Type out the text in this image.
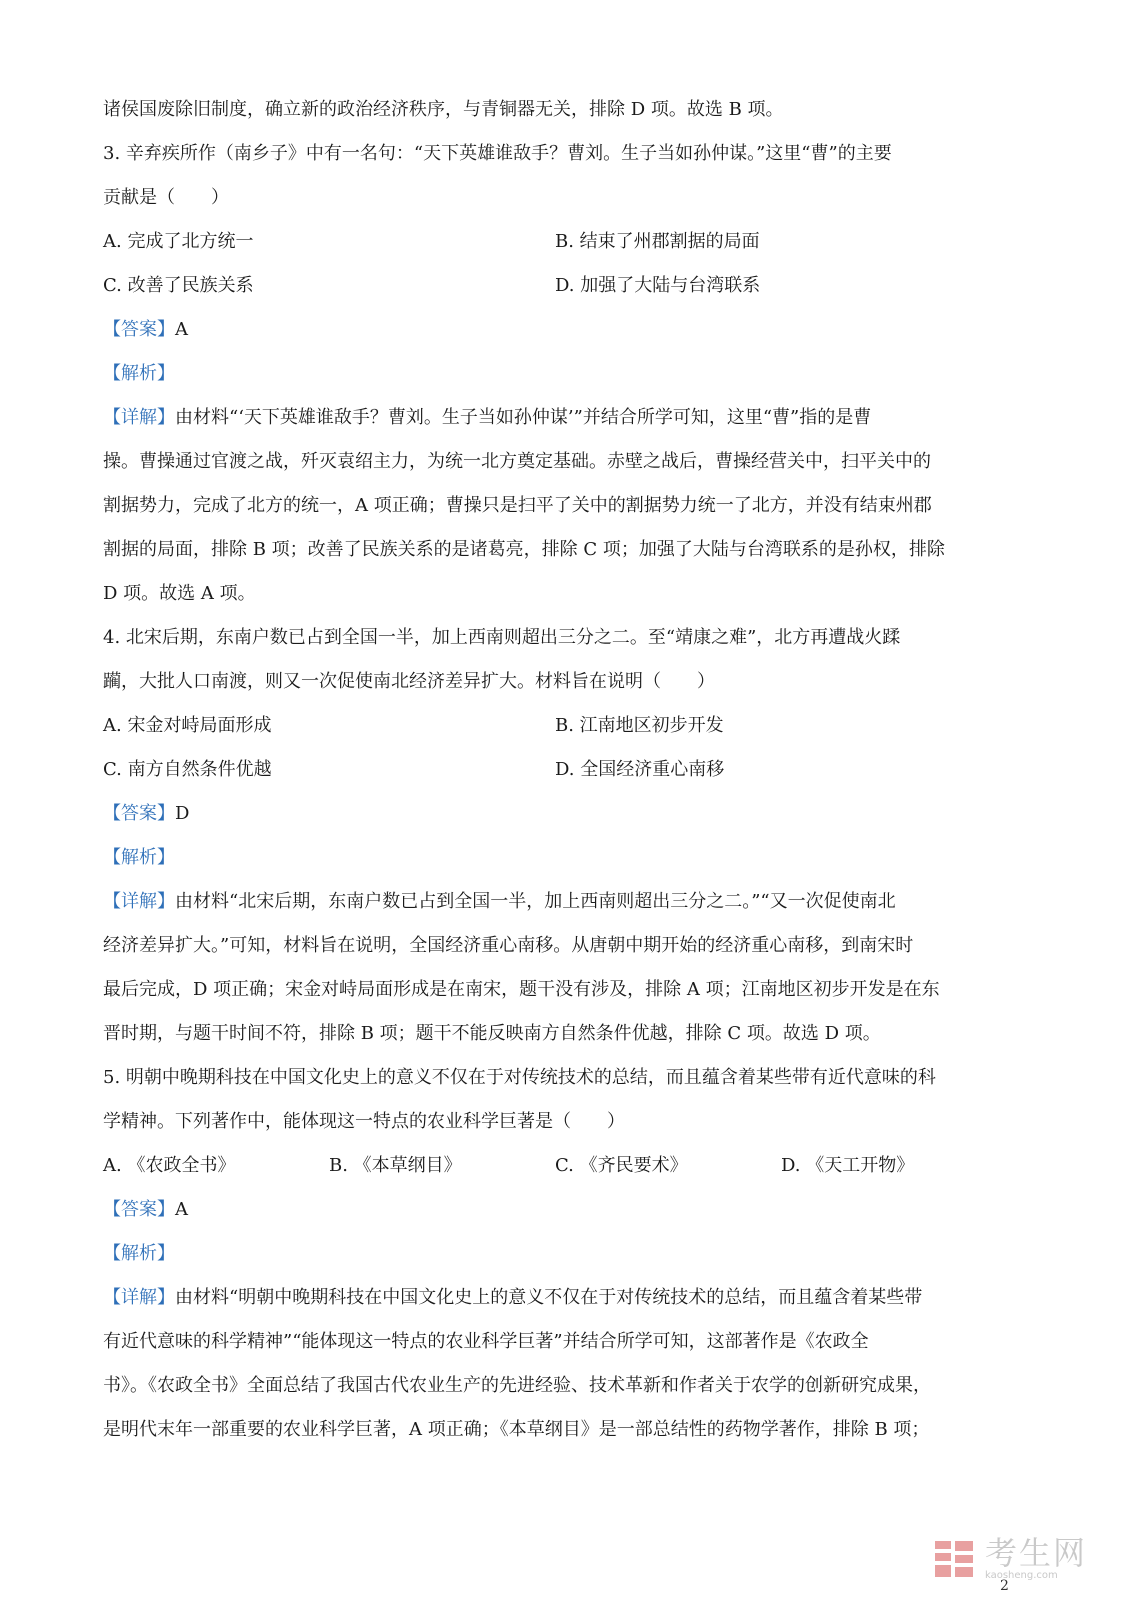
诸侯国废除旧制度，确立新的政治经济秩序，与青铜器无关，排除 D 项。故选 B 项。
3. 辛弃疾所作（南乡子》中有一名句：“天下英雄谁敌手？曹刘。生子当如孙仲谋。”这里“曹”的主要
贡献是（　　）
A. 完成了北方统一	B. 结束了州郡割据的局面
C. 改善了民族关系	D. 加强了大陆与台湾联系
【答案】A
【解析】
【详解】由材料“‘天下英雄谁敌手？曹刘。生子当如孙仲谋’”并结合所学可知，这里“曹”指的是曹
操。曹操通过官渡之战，歼灭袁绍主力，为统一北方奠定基础。赤壁之战后，曹操经营关中，扫平关中的
割据势力，完成了北方的统一，A 项正确；曹操只是扫平了关中的割据势力统一了北方，并没有结束州郡
割据的局面，排除 B 项；改善了民族关系的是诸葛亮，排除 C 项；加强了大陆与台湾联系的是孙权，排除
D 项。故选 A 项。
4. 北宋后期，东南户数已占到全国一半，加上西南则超出三分之二。至“靖康之难”，北方再遭战火蹂
躏，大批人口南渡，则又一次促使南北经济差异扩大。材料旨在说明（　　）
A. 宋金对峙局面形成	B. 江南地区初步开发
C. 南方自然条件优越	D. 全国经济重心南移
【答案】D
【解析】
【详解】由材料“北宋后期，东南户数已占到全国一半，加上西南则超出三分之二。”“又一次促使南北
经济差异扩大。”可知，材料旨在说明，全国经济重心南移。从唐朝中期开始的经济重心南移，到南宋时
最后完成，D 项正确；宋金对峙局面形成是在南宋，题干没有涉及，排除 A 项；江南地区初步开发是在东
晋时期，与题干时间不符，排除 B 项；题干不能反映南方自然条件优越，排除 C 项。故选 D 项。
5. 明朝中晚期科技在中国文化史上的意义不仅在于对传统技术的总结，而且蕴含着某些带有近代意味的科
学精神。下列著作中，能体现这一特点的农业科学巨著是（　　）
A. 《农政全书》	B. 《本草纲目》	C. 《齐民要术》	D. 《天工开物》
【答案】A
【解析】
【详解】由材料“明朝中晚期科技在中国文化史上的意义不仅在于对传统技术的总结，而且蕴含着某些带
有近代意味的科学精神”“能体现这一特点的农业科学巨著”并结合所学可知，这部著作是《农政全
书》。《农政全书》全面总结了我国古代农业生产的先进经验、技术革新和作者关于农学的创新研究成果，
是明代末年一部重要的农业科学巨著，A 项正确；《本草纲目》是一部总结性的药物学著作，排除 B 项；
考生网
kaosheng.com
2
